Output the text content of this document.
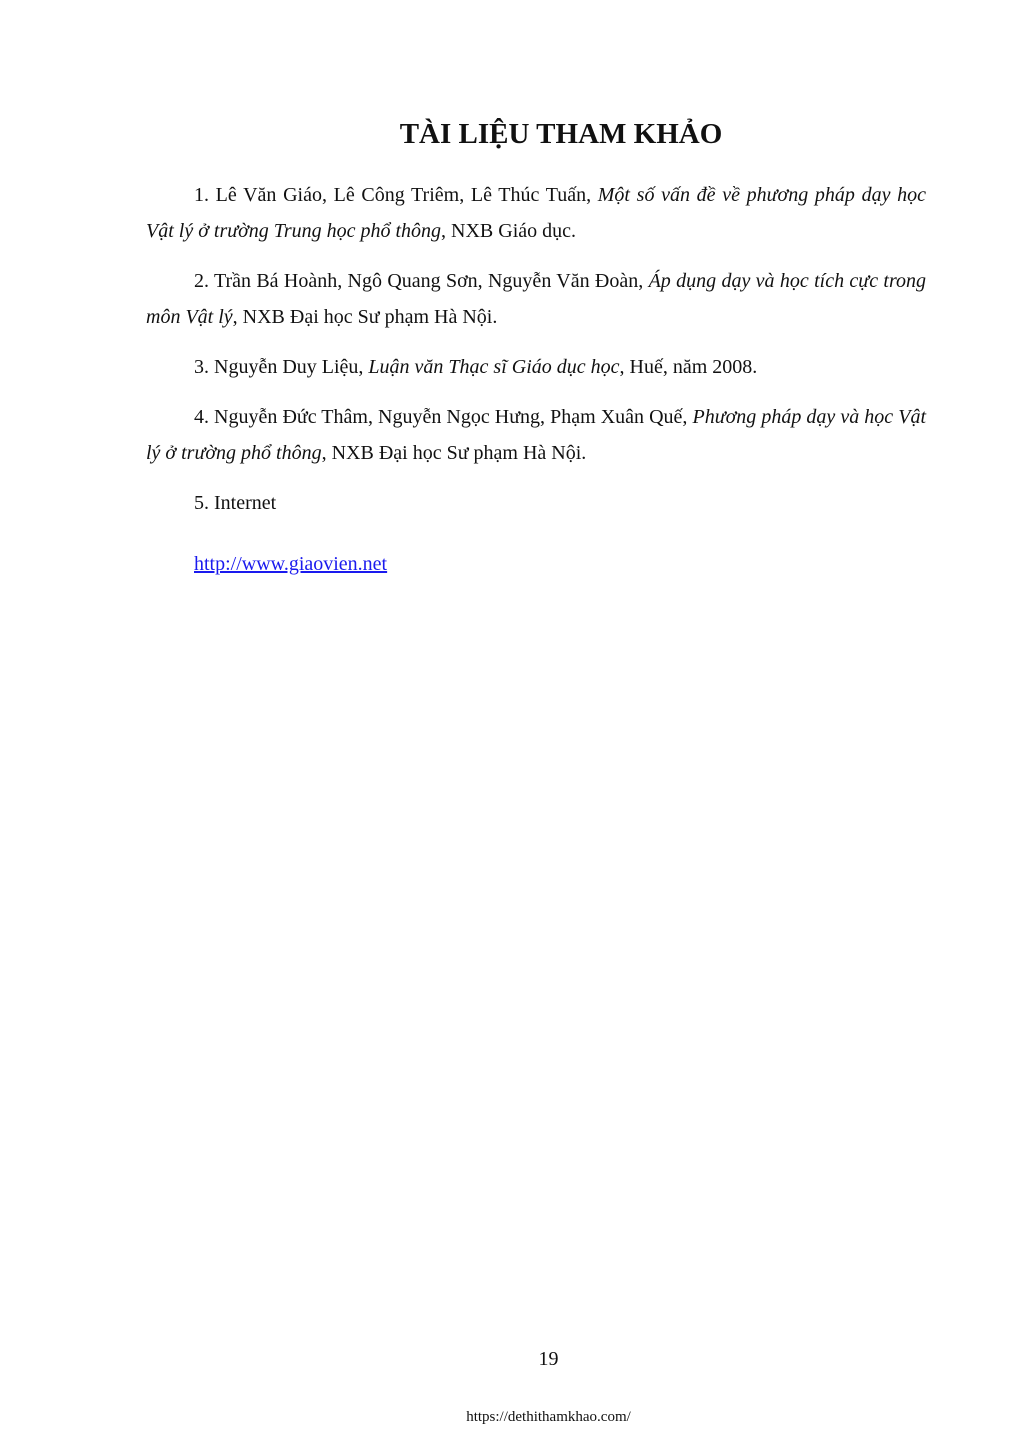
TÀI LIỆU THAM KHẢO

1. Lê Văn Giáo, Lê Công Triêm, Lê Thúc Tuấn, Một số vấn đề về phương pháp dạy học Vật lý ở trường Trung học phổ thông, NXB Giáo dục.

2. Trần Bá Hoành, Ngô Quang Sơn, Nguyễn Văn Đoàn, Áp dụng dạy và học tích cực trong môn Vật lý, NXB Đại học Sư phạm Hà Nội.

3. Nguyễn Duy Liệu, Luận văn Thạc sĩ Giáo dục học, Huế, năm 2008.

4. Nguyễn Đức Thâm, Nguyễn Ngọc Hưng, Phạm Xuân Quế, Phương pháp dạy và học Vật lý ở trường phổ thông, NXB Đại học Sư phạm Hà Nội.

5. Internet

http://www.giaovien.net
19
https://dethithamkhao.com/
